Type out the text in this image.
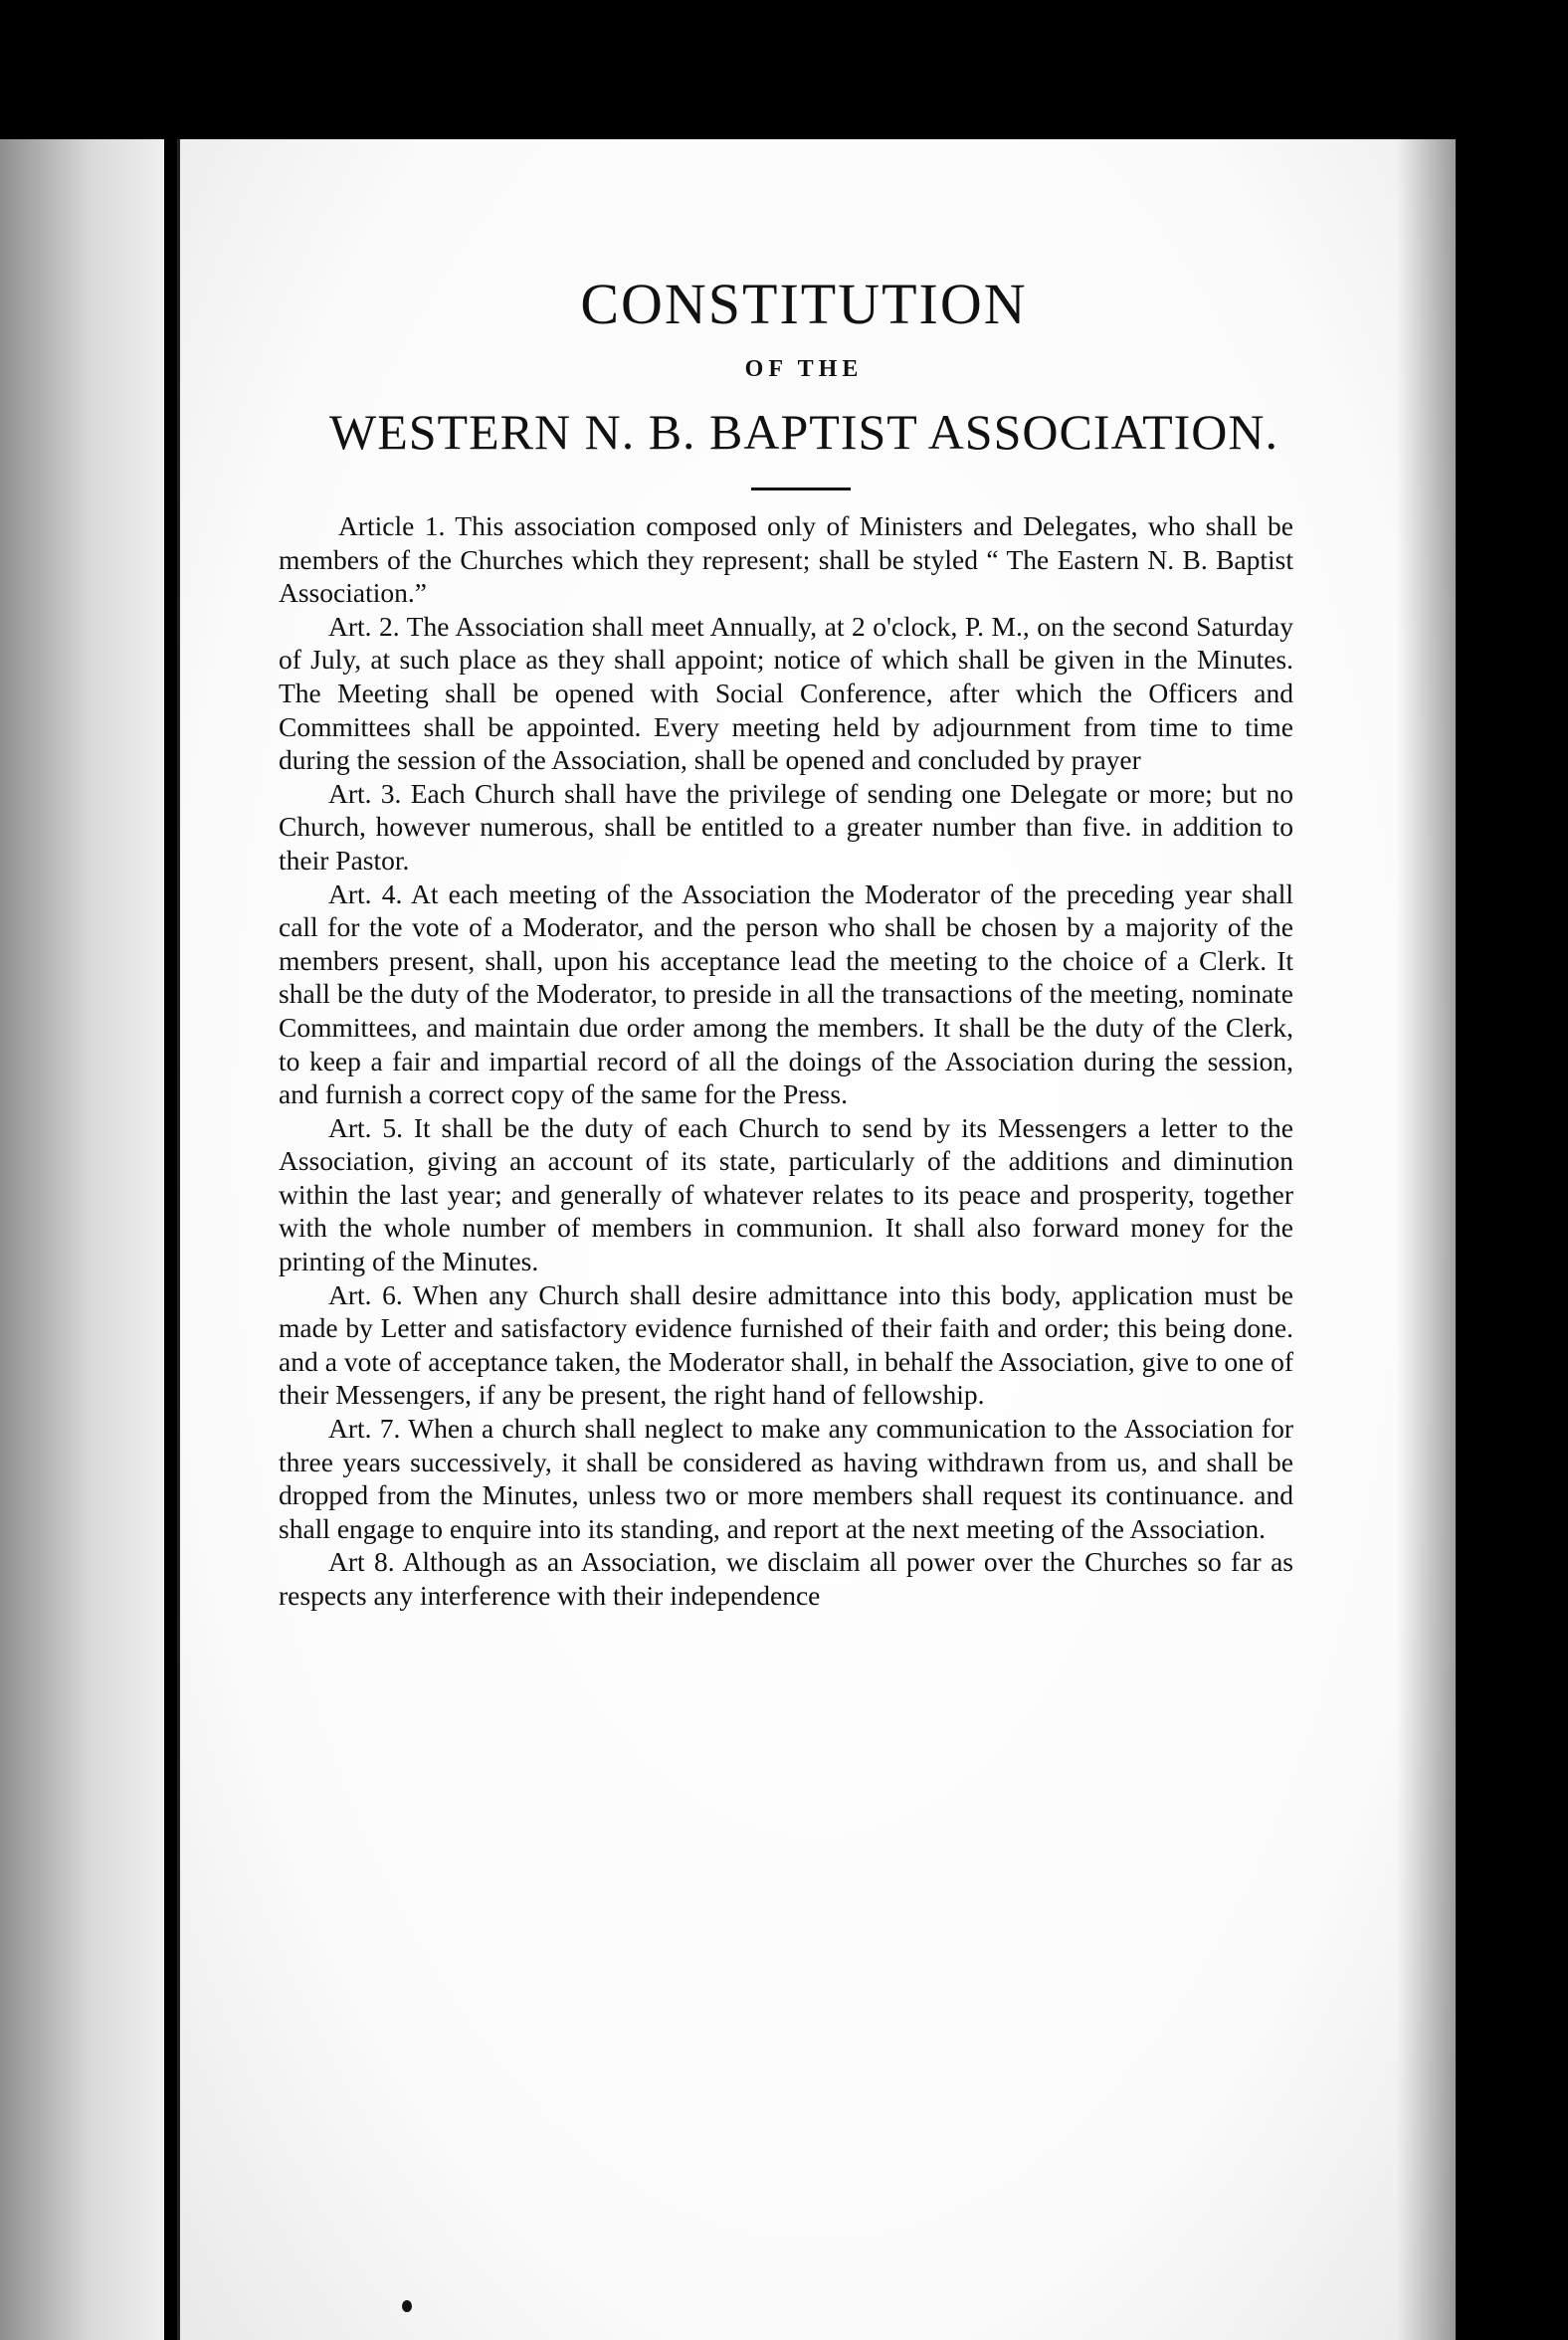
CONSTITUTION
OF THE
WESTERN N. B. BAPTIST ASSOCIATION.

Article 1. This association composed only of Ministers and Delegates, who shall be members of the Churches which they represent; shall be styled “ The Eastern N. B. Baptist Association.”

Art. 2. The Association shall meet Annually, at 2 o'clock, P. M., on the second Saturday of July, at such place as they shall appoint; notice of which shall be given in the Minutes. The Meeting shall be opened with Social Conference, after which the Officers and Committees shall be appointed. Every meeting held by adjournment from time to time during the session of the Association, shall be opened and concluded by prayer

Art. 3. Each Church shall have the privilege of sending one Delegate or more; but no Church, however numerous, shall be entitled to a greater number than five. in addition to their Pastor.

Art. 4. At each meeting of the Association the Moderator of the preceding year shall call for the vote of a Moderator, and the person who shall be chosen by a majority of the members present, shall, upon his acceptance lead the meeting to the choice of a Clerk. It shall be the duty of the Moderator, to preside in all the transactions of the meeting, nominate Committees, and maintain due order among the members. It shall be the duty of the Clerk, to keep a fair and impartial record of all the doings of the Association during the session, and furnish a correct copy of the same for the Press.

Art. 5. It shall be the duty of each Church to send by its Messengers a letter to the Association, giving an account of its state, particularly of the additions and diminution within the last year; and generally of whatever relates to its peace and prosperity, together with the whole number of members in communion. It shall also forward money for the printing of the Minutes.

Art. 6. When any Church shall desire admittance into this body, application must be made by Letter and satisfactory evidence furnished of their faith and order; this being done. and a vote of acceptance taken, the Moderator shall, in behalf the Association, give to one of their Messengers, if any be present, the right hand of fellowship.

Art. 7. When a church shall neglect to make any communication to the Association for three years successively, it shall be considered as having withdrawn from us, and shall be dropped from the Minutes, unless two or more members shall request its continuance. and shall engage to enquire into its standing, and report at the next meeting of the Association.

Art 8. Although as an Association, we disclaim all power over the Churches so far as respects any interference with their independence
